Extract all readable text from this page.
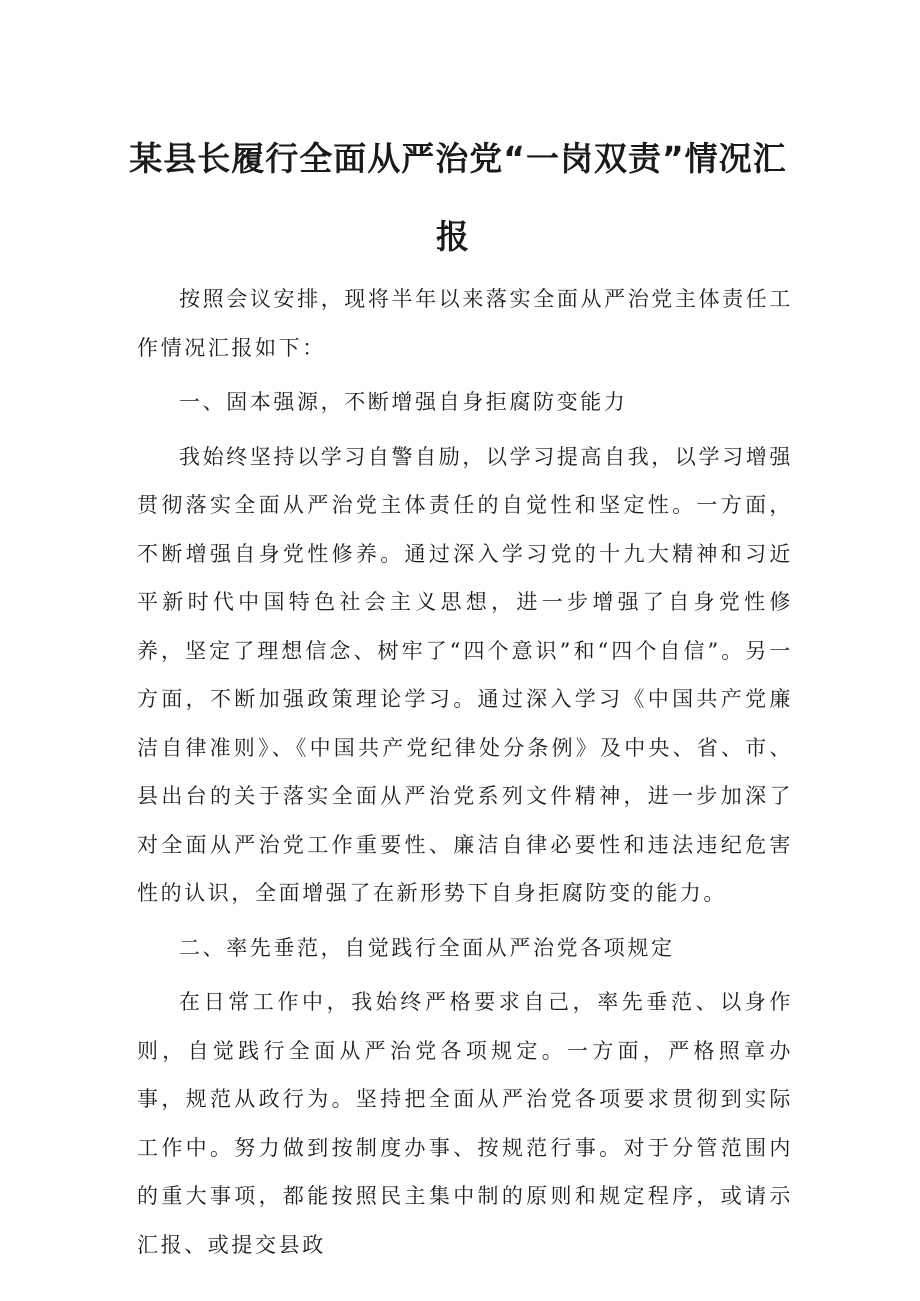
某县长履行全面从严治党“一岗双责”情况汇
报

按照会议安排，现将半年以来落实全面从严治党主体责任工作情况汇报如下：

一、固本强源，不断增强自身拒腐防变能力

我始终坚持以学习自警自励，以学习提高自我，以学习增强贯彻落实全面从严治党主体责任的自觉性和坚定性。一方面，不断增强自身党性修养。通过深入学习党的十九大精神和习近平新时代中国特色社会主义思想，进一步增强了自身党性修养，坚定了理想信念、树牢了“四个意识”和“四个自信”。另一方面，不断加强政策理论学习。通过深入学习《中国共产党廉洁自律准则》、《中国共产党纪律处分条例》及中央、省、市、县出台的关于落实全面从严治党系列文件精神，进一步加深了对全面从严治党工作重要性、廉洁自律必要性和违法违纪危害性的认识，全面增强了在新形势下自身拒腐防变的能力。

二、率先垂范，自觉践行全面从严治党各项规定

在日常工作中，我始终严格要求自己，率先垂范、以身作则，自觉践行全面从严治党各项规定。一方面，严格照章办事，规范从政行为。坚持把全面从严治党各项要求贯彻到实际工作中。努力做到按制度办事、按规范行事。对于分管范围内的重大事项，都能按照民主集中制的原则和规定程序，或请示汇报、或提交县政
